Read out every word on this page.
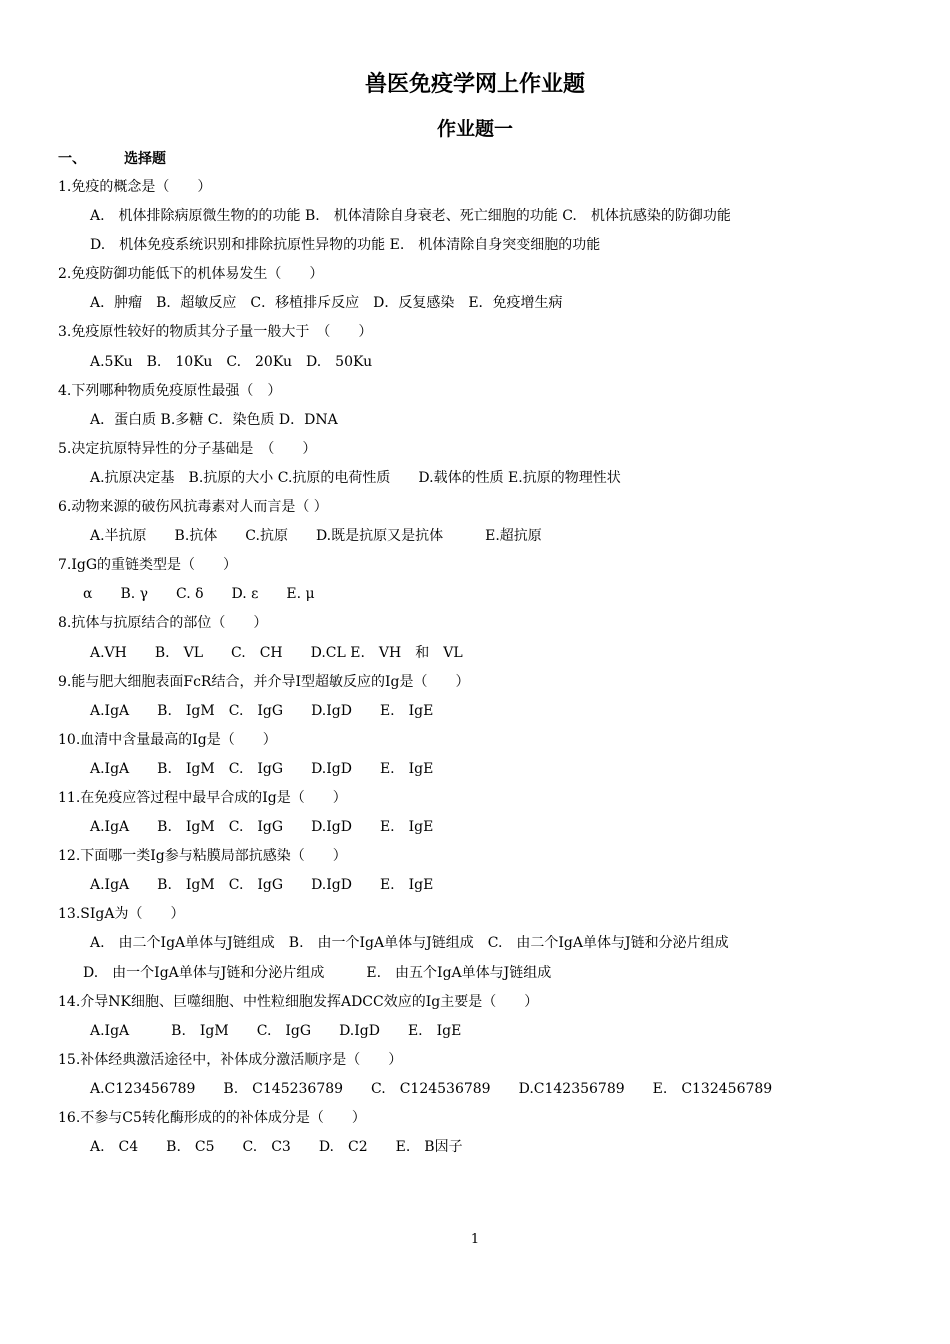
兽医免疫学网上作业题
作业题一
一、	选择题
1.免疫的概念是（　　）
A.　机体排除病原微生物的的功能 B.　机体清除自身衰老、死亡细胞的功能 C.　机体抗感染的防御功能
D.　机体免疫系统识别和排除抗原性异物的功能 E.　机体清除自身突变细胞的功能
2.免疫防御功能低下的机体易发生（　　）
A．肿瘤　B．超敏反应　C．移植排斥反应　D．反复感染　E．免疫增生病
3.免疫原性较好的物质其分子量一般大于　（　　）
A.5Ku　B.　10Ku　C.　20Ku　D.　50Ku
4.下列哪种物质免疫原性最强（　）
A．蛋白质 B.多糖 C．染色质 D．DNA
5.决定抗原特异性的分子基础是　（　　）
A.抗原决定基　B.抗原的大小 C.抗原的电荷性质　　D.载体的性质 E.抗原的物理性状
6.动物来源的破伤风抗毒素对人而言是（ ）
A.半抗原　　B.抗体　　C.抗原　　D.既是抗原又是抗体　　　E.超抗原
7.IgG的重链类型是（　　）
α　　B. γ　　C. δ　　D. ε　　E. μ
8.抗体与抗原结合的部位（　　）
A.VH　　B.　VL　　C.　CH　　D.CL E.　VH　和　VL
9.能与肥大细胞表面FcR结合，并介导I型超敏反应的Ig是（　　）
A.IgA　　B.　IgM　C.　IgG　　D.IgD　　E.　IgE
10.血清中含量最高的Ig是（　　）
A.IgA　　B.　IgM　C.　IgG　　D.IgD　　E.　IgE
11.在免疫应答过程中最早合成的Ig是（　　）
A.IgA　　B.　IgM　C.　IgG　　D.IgD　　E.　IgE
12.下面哪一类Ig参与粘膜局部抗感染（　　）
A.IgA　　B.　IgM　C.　IgG　　D.IgD　　E.　IgE
13.SIgA为（　　）
A.　由二个IgA单体与J链组成　B.　由一个IgA单体与J链组成　C.　由二个IgA单体与J链和分泌片组成
D.　由一个IgA单体与J链和分泌片组成　　　E.　由五个IgA单体与J链组成
14.介导NK细胞、巨噬细胞、中性粒细胞发挥ADCC效应的Ig主要是（　　）
A.IgA　　　B.　IgM　　C.　IgG　　D.IgD　　E.　IgE
15.补体经典激活途径中，补体成分激活顺序是（　　）
A.C123456789　　B.　C145236789　　C.　C124536789　　D.C142356789　　E.　C132456789
16.不参与C5转化酶形成的的补体成分是（　　）
A.　C4　　B.　C5　　C.　C3　　D.　C2　　E.　B因子
1
